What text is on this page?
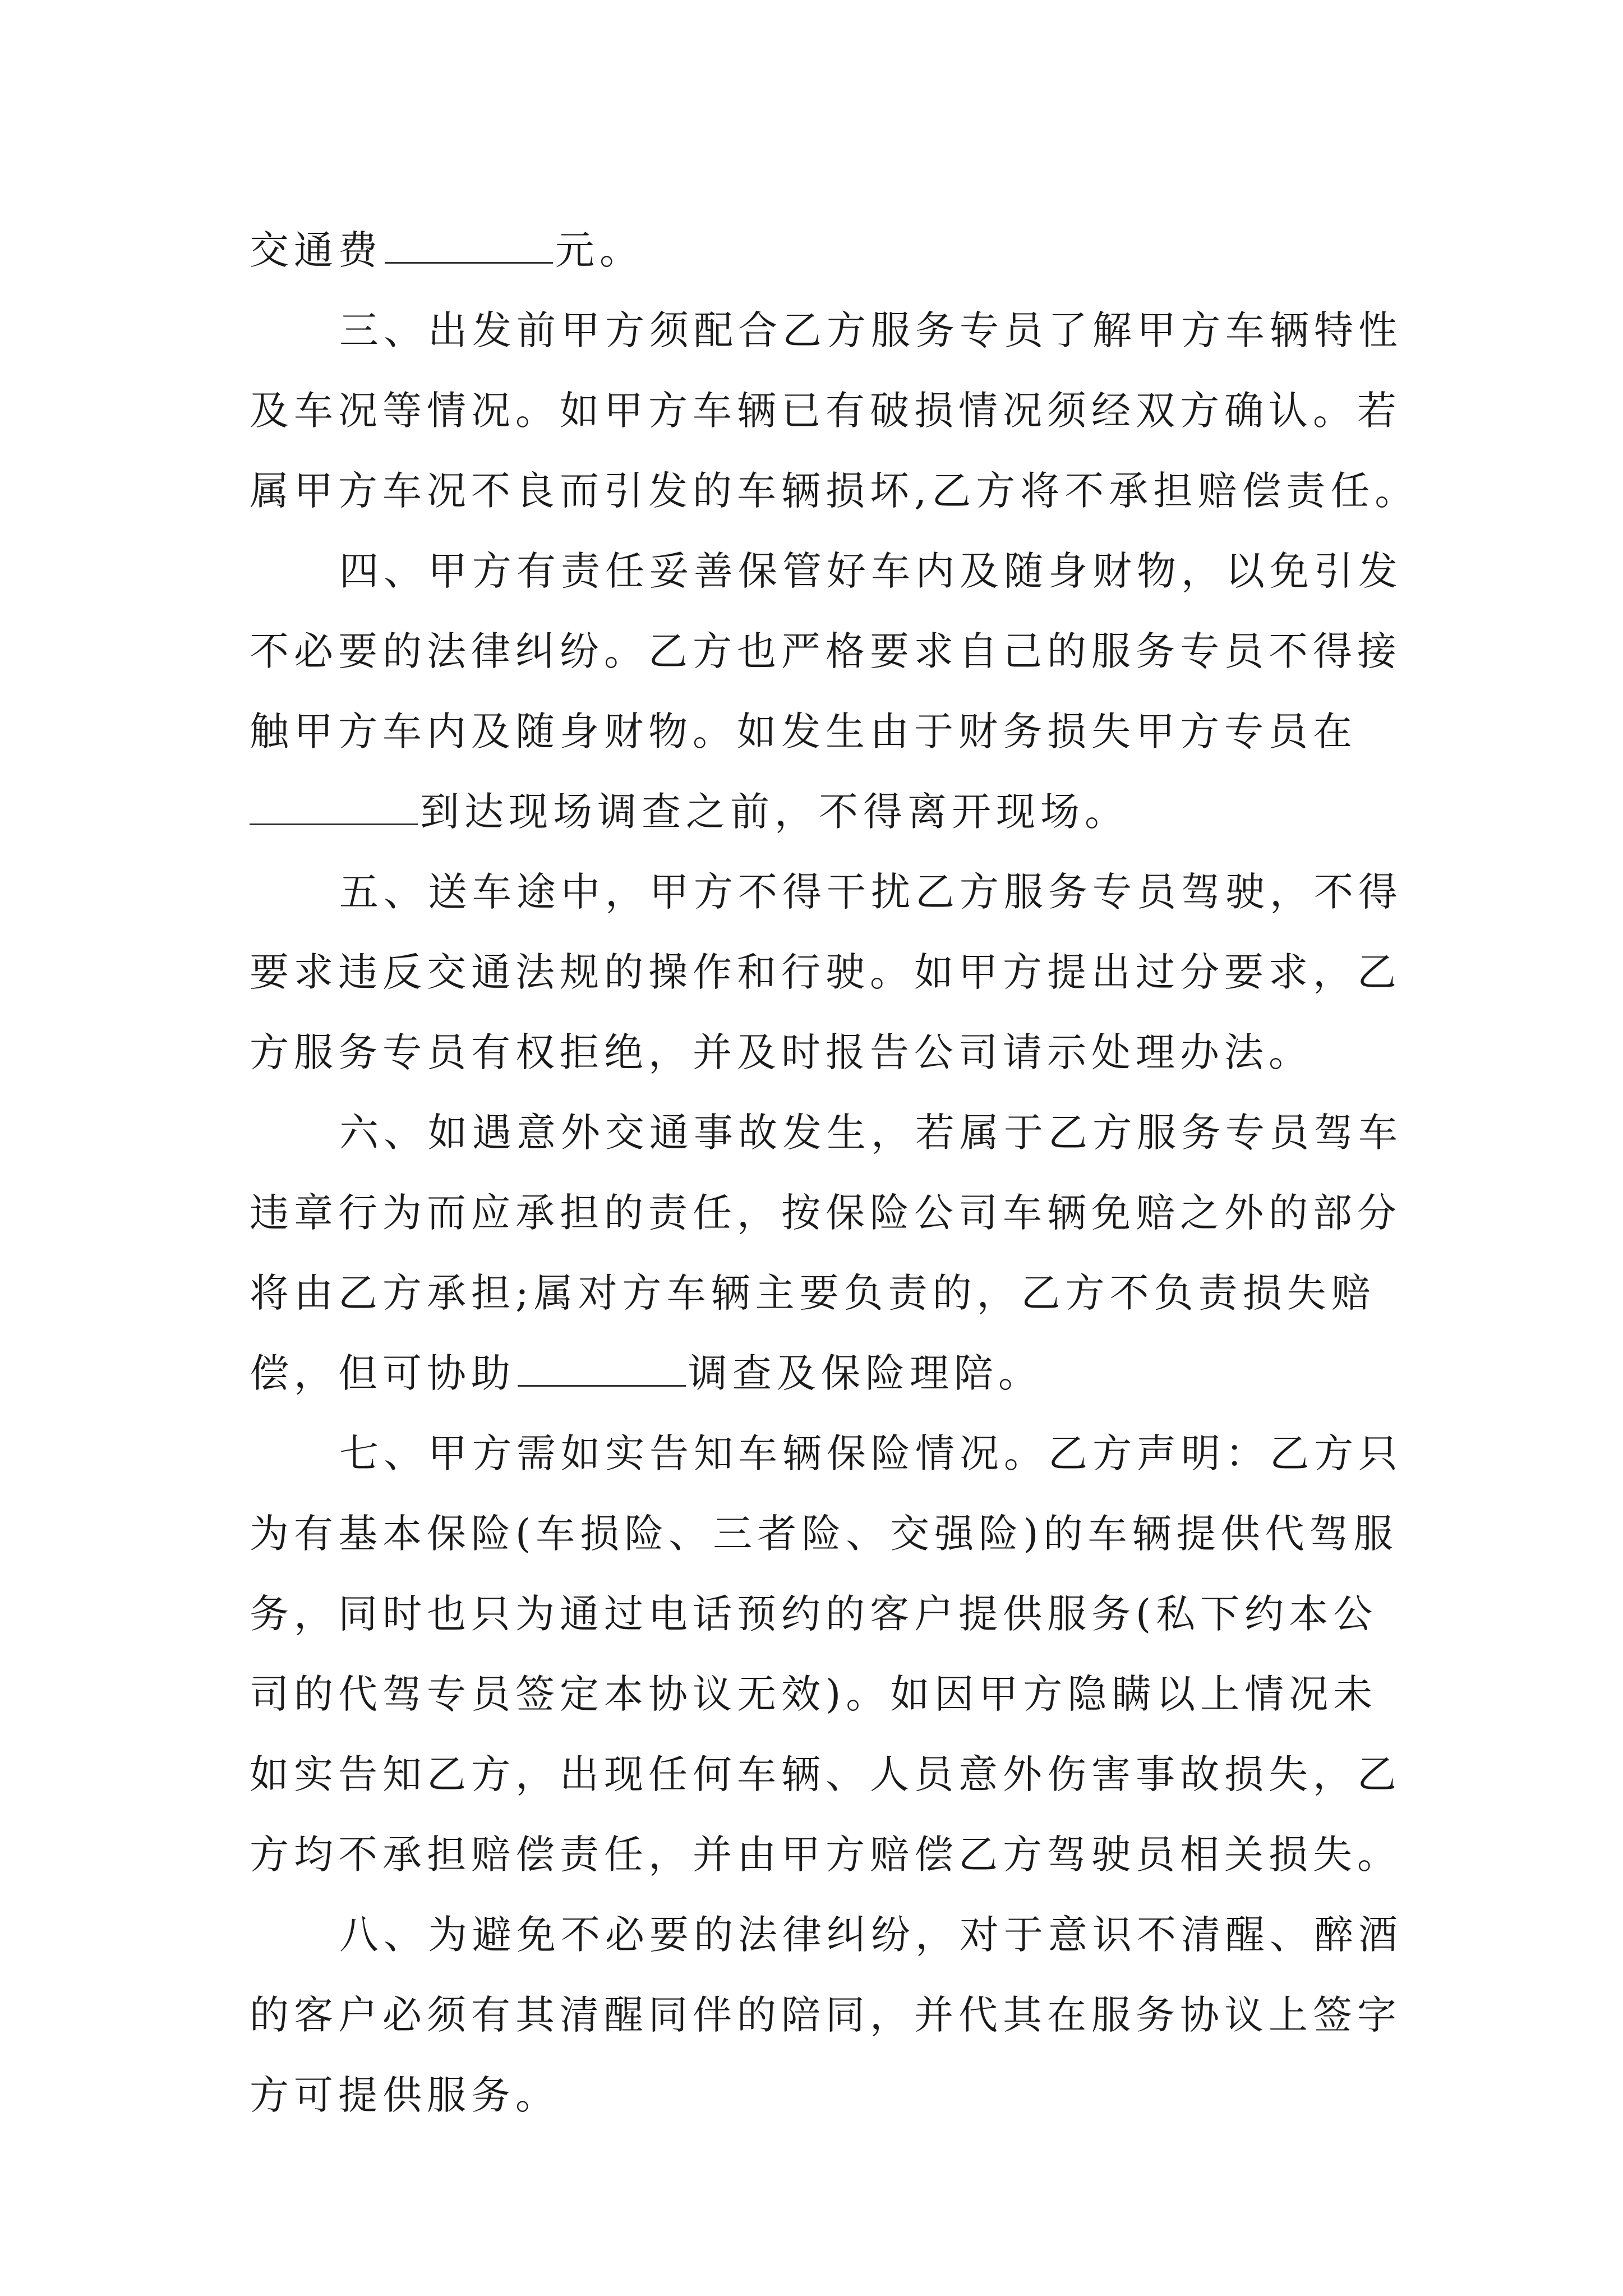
交通费	元。

三、出发前甲方须配合乙方服务专员了解甲方车辆特性
及车况等情况。如甲方车辆已有破损情况须经双方确认。若
属甲方车况不良而引发的车辆损坏,乙方将不承担赔偿责任。

四、甲方有责任妥善保管好车内及随身财物，以免引发
不必要的法律纠纷。乙方也严格要求自己的服务专员不得接
触甲方车内及随身财物。如发生由于财务损失甲方专员在
到达现场调查之前，不得离开现场。

五、送车途中，甲方不得干扰乙方服务专员驾驶，不得
要求违反交通法规的操作和行驶。如甲方提出过分要求，乙
方服务专员有权拒绝，并及时报告公司请示处理办法。

六、如遇意外交通事故发生，若属于乙方服务专员驾车
违章行为而应承担的责任，按保险公司车辆免赔之外的部分
将由乙方承担;属对方车辆主要负责的，乙方不负责损失赔
偿，但可协助	调查及保险理陪。

七、甲方需如实告知车辆保险情况。乙方声明：乙方只
为有基本保险(车损险、三者险、交强险)的车辆提供代驾服
务，同时也只为通过电话预约的客户提供服务(私下约本公
司的代驾专员签定本协议无效)。如因甲方隐瞒以上情况未
如实告知乙方，出现任何车辆、人员意外伤害事故损失，乙
方均不承担赔偿责任，并由甲方赔偿乙方驾驶员相关损失。

八、为避免不必要的法律纠纷，对于意识不清醒、醉酒
的客户必须有其清醒同伴的陪同，并代其在服务协议上签字
方可提供服务。
